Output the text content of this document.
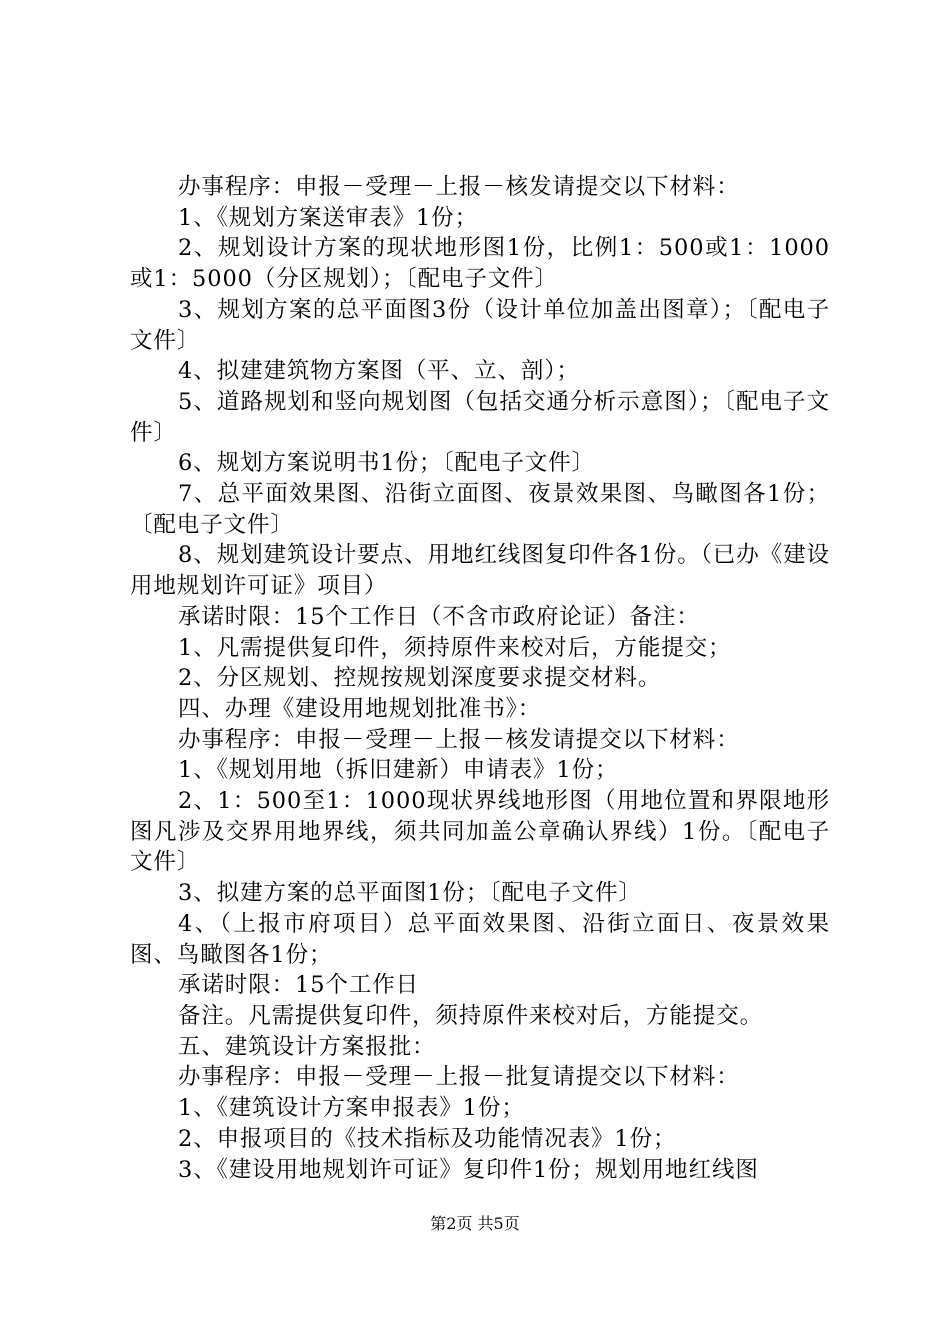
办事程序：申报－受理－上报－核发请提交以下材料：

1、《规划方案送审表》1份；

2、规划设计方案的现状地形图1份，比例1：500或1：1000或1：5000（分区规划）；〔配电子文件〕

3、规划方案的总平面图3份（设计单位加盖出图章）；〔配电子文件〕

4、拟建建筑物方案图（平、立、剖）；

5、道路规划和竖向规划图（包括交通分析示意图）；〔配电子文件〕

6、规划方案说明书1份；〔配电子文件〕

7、总平面效果图、沿街立面图、夜景效果图、鸟瞰图各1份；〔配电子文件〕

8、规划建筑设计要点、用地红线图复印件各1份。（已办《建设用地规划许可证》项目）

承诺时限：15个工作日（不含市政府论证）备注：

1、凡需提供复印件，须持原件来校对后，方能提交；

2、分区规划、控规按规划深度要求提交材料。

四、办理《建设用地规划批准书》：

办事程序：申报－受理－上报－核发请提交以下材料：

1、《规划用地（拆旧建新）申请表》1份；

2、1：500至1：1000现状界线地形图（用地位置和界限地形图凡涉及交界用地界线，须共同加盖公章确认界线）1份。〔配电子文件〕

3、拟建方案的总平面图1份；〔配电子文件〕

4、（上报市府项目）总平面效果图、沿街立面日、夜景效果图、鸟瞰图各1份；

承诺时限：15个工作日

备注。凡需提供复印件，须持原件来校对后，方能提交。

五、建筑设计方案报批：

办事程序：申报－受理－上报－批复请提交以下材料：

1、《建筑设计方案申报表》1份；

2、申报项目的《技术指标及功能情况表》1份；

3、《建设用地规划许可证》复印件1份；规划用地红线图

第2页 共5页
